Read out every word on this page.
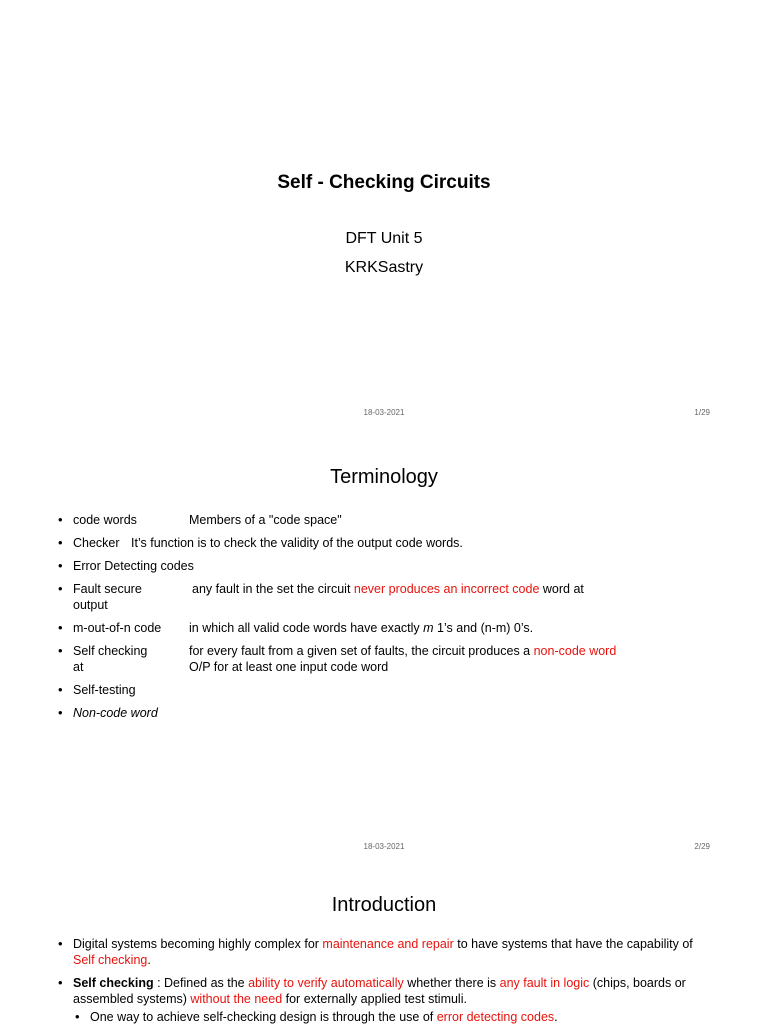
Self - Checking Circuits
DFT Unit 5
KRKSastry
18-03-2021	1/29
Terminology
• code words	Members of a "code space"
• Checker It’s function is to check the validity of the output code words.
• Error Detecting codes
• Fault secure	any fault in the set the circuit never produces an incorrect code word at
output
• m-out-of-n code	in which all valid code words have exactly m 1’s and (n-m) 0’s.
• Self checking	for every fault from a given set of faults, the circuit produces a non-code word
at	O/P for at least one input code word
• Self-testing
• Non-code word
18-03-2021	2/29
Introduction
• Digital systems becoming highly complex for maintenance and repair to have systems that have the capability of Self checking.
• Self checking : Defined as the ability to verify automatically whether there is any fault in logic (chips, boards or assembled systems) without the need for externally applied test stimuli.
• One way to achieve self-checking design is through the use of error detecting codes.
